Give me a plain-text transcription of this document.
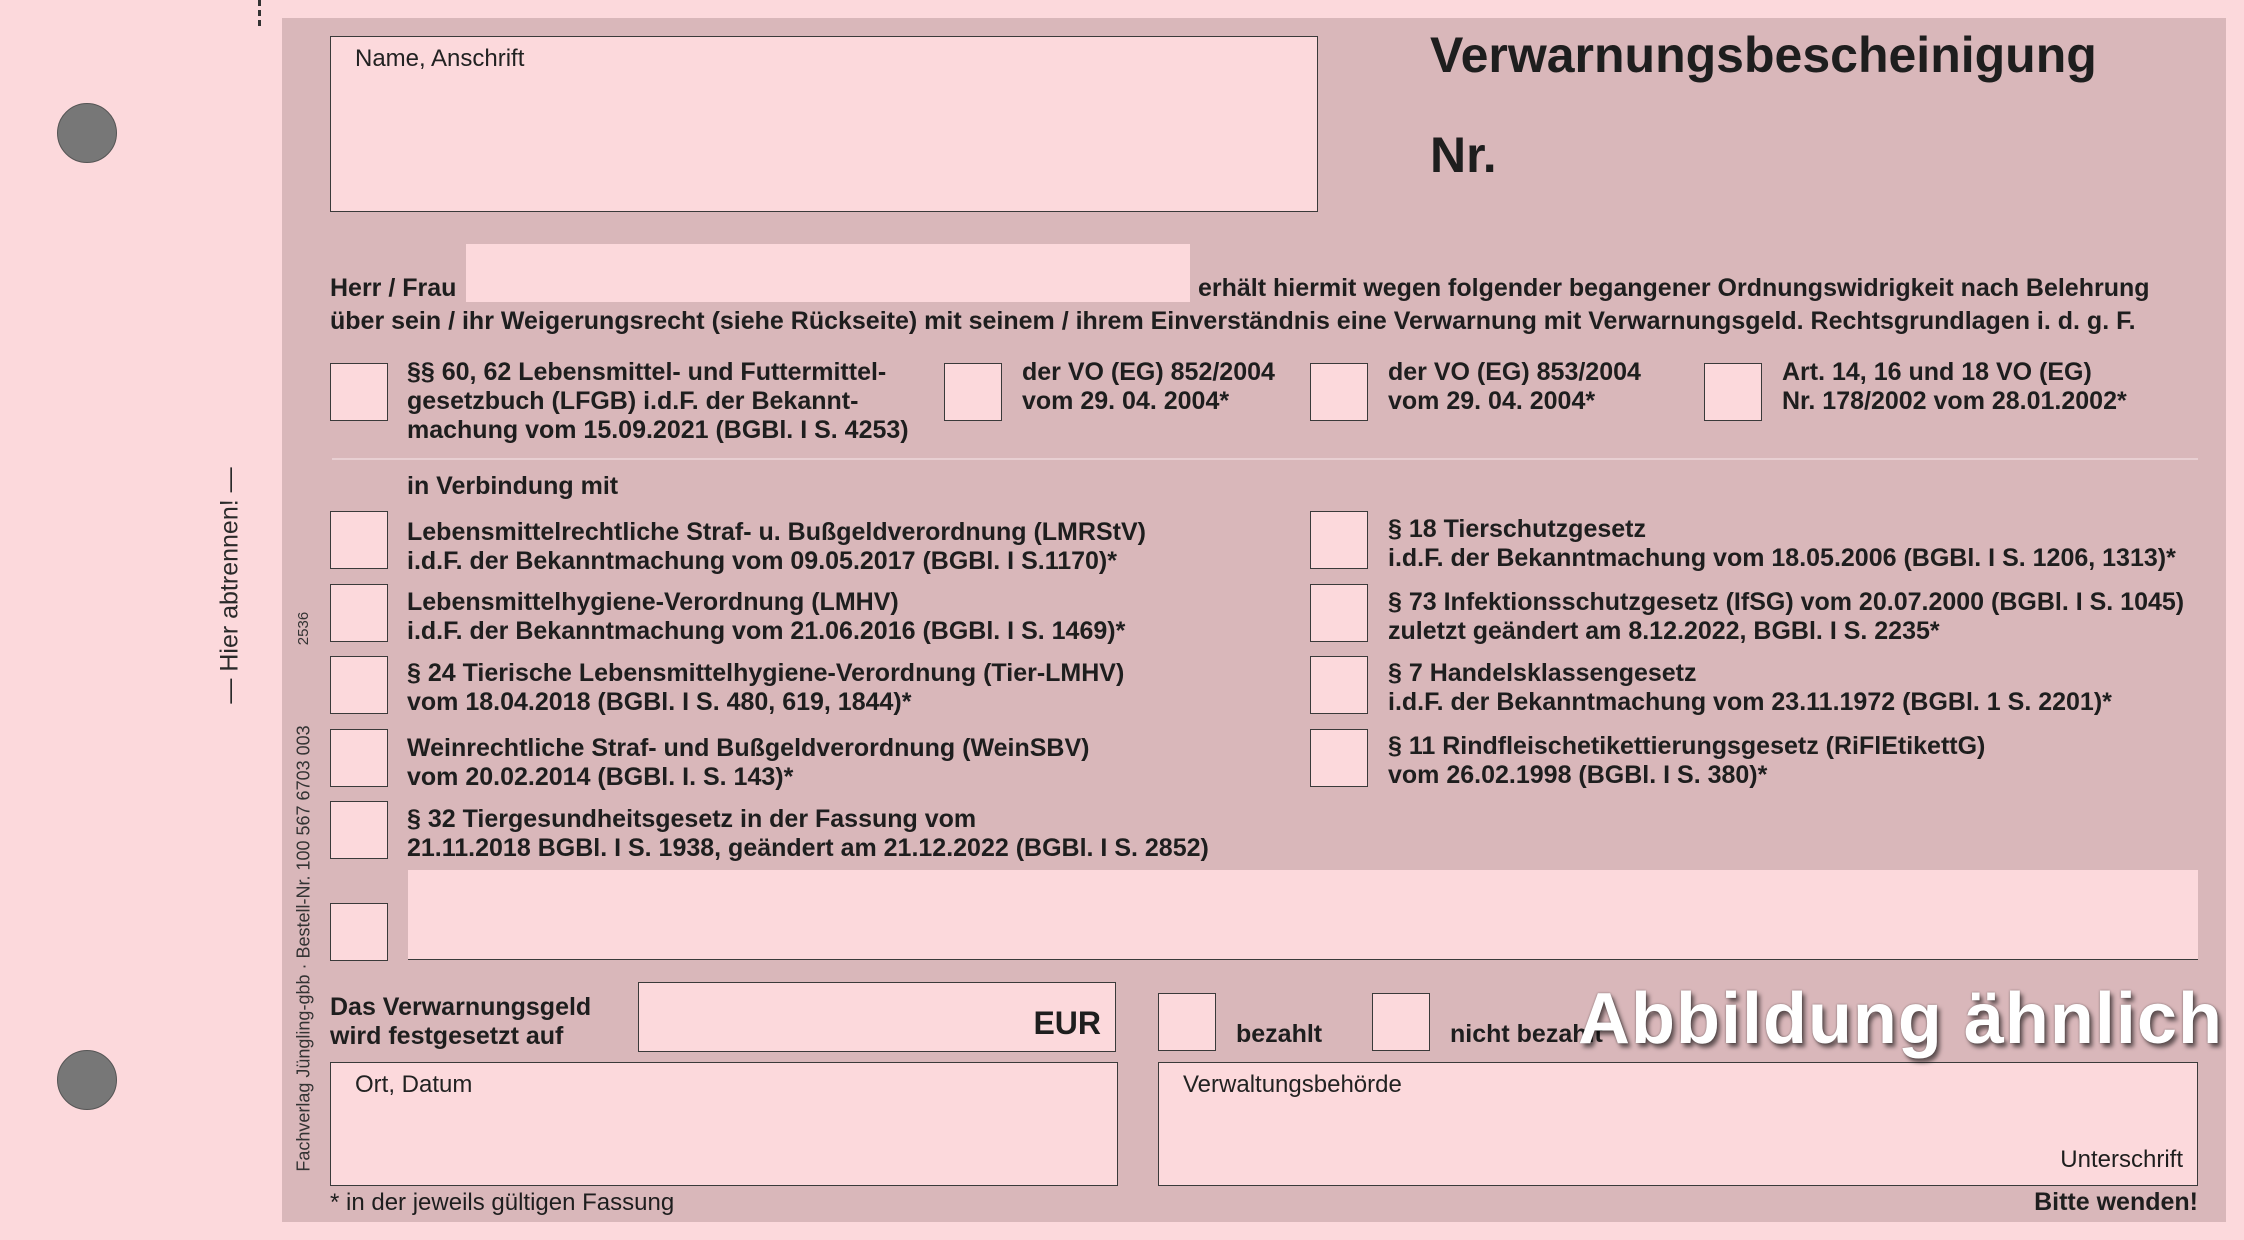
— Hier abtrennen! —
Fachverlag Jüngling-gbb · Bestell-Nr. 100 567 6703 003
2536
Name, Anschrift	Verwarnungsbescheinigung
Nr.
Herr / Frau	erhält hiermit wegen folgender begangener Ordnungswidrigkeit nach Belehrung
über sein / ihr Weigerungsrecht (siehe Rückseite) mit seinem / ihrem Einverständnis eine Verwarnung mit Verwarnungsgeld. Rechtsgrundlagen i. d. g. F.
§§ 60, 62 Lebensmittel- und Futtermittel-
gesetzbuch (LFGB) i.d.F. der Bekannt-
machung vom 15.09.2021 (BGBl. I S. 4253)
der VO (EG) 852/2004
vom 29. 04. 2004*
der VO (EG) 853/2004
vom 29. 04. 2004*
Art. 14, 16 und 18 VO (EG)
Nr. 178/2002 vom 28.01.2002*
in Verbindung mit
Lebensmittelrechtliche Straf- u. Bußgeldverordnung (LMRStV)
i.d.F. der Bekanntmachung vom 09.05.2017 (BGBl. I S.1170)*
Lebensmittelhygiene-Verordnung (LMHV)
i.d.F. der Bekanntmachung vom 21.06.2016 (BGBl. I S. 1469)*
§ 24 Tierische Lebensmittelhygiene-Verordnung (Tier-LMHV)
vom 18.04.2018 (BGBl. I S. 480, 619, 1844)*
Weinrechtliche Straf- und Bußgeldverordnung (WeinSBV)
vom 20.02.2014 (BGBl. I. S. 143)*
§ 32 Tiergesundheitsgesetz in der Fassung vom
21.11.2018 BGBl. I S. 1938, geändert am 21.12.2022 (BGBl. I S. 2852)
§ 18 Tierschutzgesetz
i.d.F. der Bekanntmachung vom 18.05.2006 (BGBl. I S. 1206, 1313)*
§ 73 Infektionsschutzgesetz (IfSG) vom 20.07.2000 (BGBl. I S. 1045)
zuletzt geändert am 8.12.2022, BGBl. I S. 2235*
§ 7 Handelsklassengesetz
i.d.F. der Bekanntmachung vom 23.11.1972 (BGBl. 1 S. 2201)*
§ 11 Rindfleischetikettierungsgesetz (RiFlEtikettG)
vom 26.02.1998 (BGBl. I S. 380)*
Das Verwarnungsgeld
wird festgesetzt auf	EUR	bezahlt	nicht bezahlt
Ort, Datum	Verwaltungsbehörde
Unterschrift
* in der jeweils gültigen Fassung	Bitte wenden!
Abbildung ähnlich
